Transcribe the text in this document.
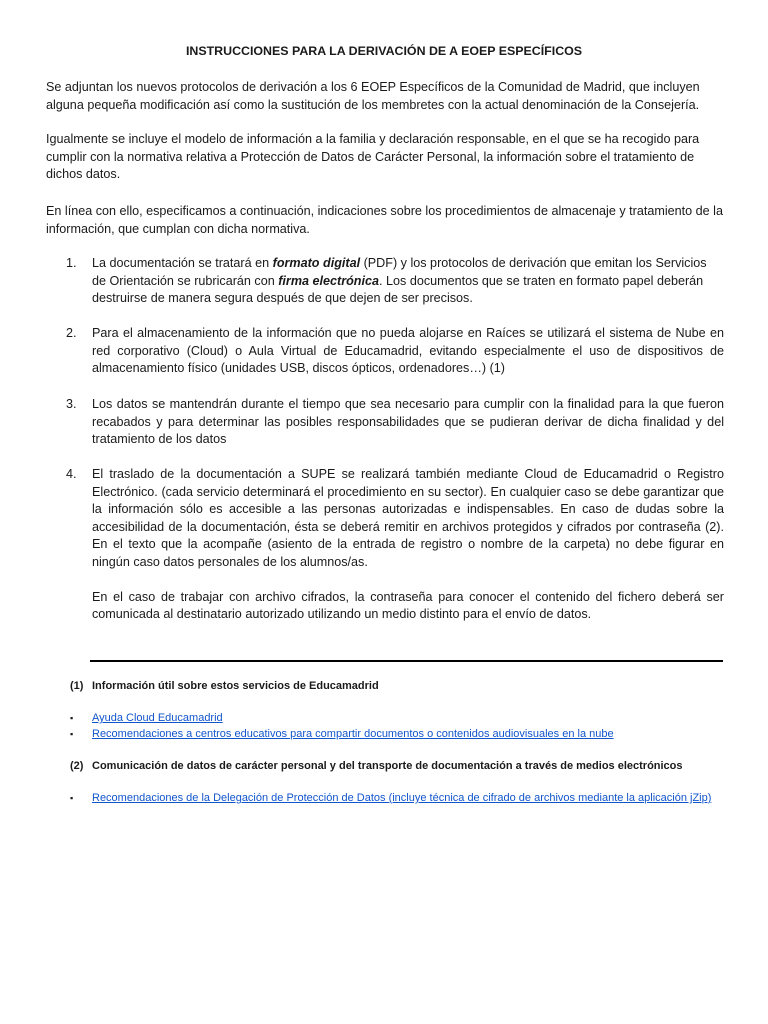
INSTRUCCIONES PARA LA DERIVACIÓN DE A EOEP ESPECÍFICOS
Se adjuntan los nuevos protocolos de derivación a los 6 EOEP Específicos de la Comunidad de Madrid, que incluyen alguna pequeña modificación así como la sustitución de los membretes con la actual denominación de la Consejería.
Igualmente se incluye el modelo de información a la familia y declaración responsable, en el que se ha recogido para cumplir con la normativa relativa a Protección de Datos de Carácter Personal, la información sobre el tratamiento de dichos datos.
En línea con ello, especificamos a continuación, indicaciones sobre los procedimientos de almacenaje y tratamiento de la información, que cumplan con dicha normativa.
1.	La documentación se tratará en formato digital (PDF) y los protocolos de derivación que emitan los Servicios de Orientación se rubricarán con firma electrónica. Los documentos que se traten en formato papel deberán destruirse de manera segura después de que dejen de ser precisos.
2.	Para el almacenamiento de la información que no pueda alojarse en Raíces se utilizará el sistema de Nube en red corporativo (Cloud) o Aula Virtual de Educamadrid, evitando especialmente el uso de dispositivos de almacenamiento físico (unidades USB, discos ópticos, ordenadores…) (1)
3.	Los datos se mantendrán durante el tiempo que sea necesario para cumplir con la finalidad para la que fueron recabados y para determinar las posibles responsabilidades que se pudieran derivar de dicha finalidad y del tratamiento de los datos
4.	El traslado de la documentación a SUPE se realizará también mediante Cloud de Educamadrid o Registro Electrónico. (cada servicio determinará el procedimiento en su sector). En cualquier caso se debe garantizar que la información sólo es accesible a las personas autorizadas e indispensables. En caso de dudas sobre la accesibilidad de la documentación, ésta se deberá remitir en archivos protegidos y cifrados por contraseña (2). En el texto que la acompañe (asiento de la entrada de registro o nombre de la carpeta) no debe figurar en ningún caso datos personales de los alumnos/as.
En el caso de trabajar con archivo cifrados, la contraseña para conocer el contenido del fichero deberá ser comunicada al destinatario autorizado utilizando un medio distinto para el envío de datos.
(1) Información útil sobre estos servicios de Educamadrid
▪ Ayuda Cloud Educamadrid
▪ Recomendaciones a centros educativos para compartir documentos o contenidos audiovisuales en la nube
(2) Comunicación de datos de carácter personal y del transporte de documentación a través de medios electrónicos
▪ Recomendaciones de la Delegación de Protección de Datos (incluye técnica de cifrado de archivos mediante la aplicación jZip)
